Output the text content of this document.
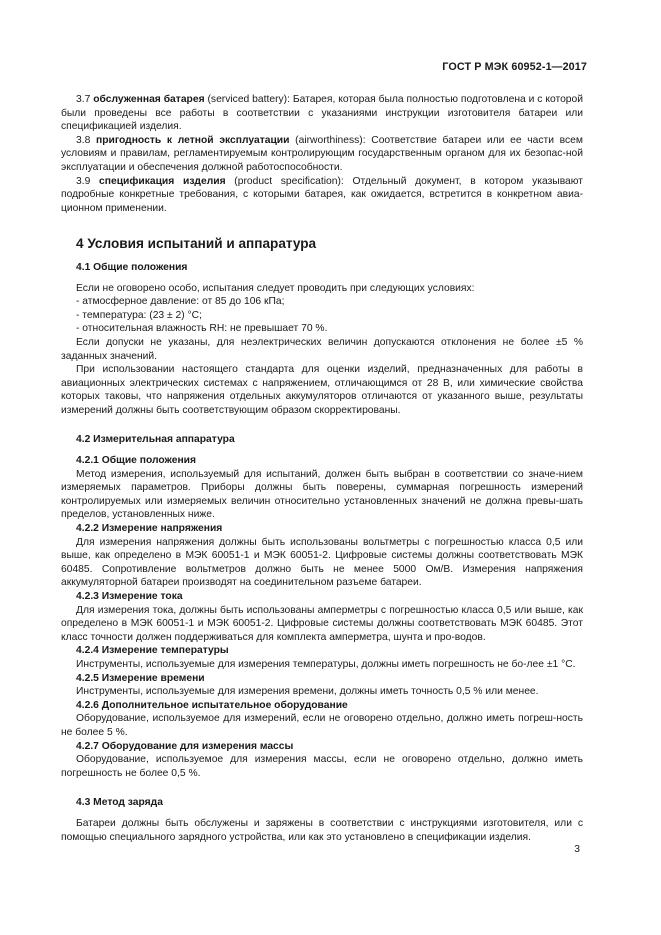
ГОСТ Р МЭК 60952-1—2017

3.7 обслуженная батарея (serviced battery): Батарея, которая была полностью подготовлена и с которой были проведены все работы в соответствии с указаниями инструкции изготовителя батареи или спецификацией изделия.

3.8 пригодность к летной эксплуатации (airworthiness): Соответствие батареи или ее части всем условиям и правилам, регламентируемым контролирующим государственным органом для их безопас-ной эксплуатации и обеспечения должной работоспособности.

3.9 спецификация изделия (product specification): Отдельный документ, в котором указывают подробные конкретные требования, с которыми батарея, как ожидается, встретится в конкретном авиа-ционном применении.

4 Условия испытаний и аппаратура
4.1 Общие положения

Если не оговорено особо, испытания следует проводить при следующих условиях:

- атмосферное давление: от 85 до 106 кПа;

- температура: (23 ± 2) °С;

- относительная влажность RH: не превышает 70 %.

Если допуски не указаны, для неэлектрических величин допускаются отклонения не более ±5 % заданных значений.

При использовании настоящего стандарта для оценки изделий, предназначенных для работы в авиационных электрических системах с напряжением, отличающимся от 28 В, или химические свойства которых таковы, что напряжения отдельных аккумуляторов отличаются от указанного выше, результаты измерений должны быть соответствующим образом скорректированы.

4.2 Измерительная аппаратура
4.2.1 Общие положения

Метод измерения, используемый для испытаний, должен быть выбран в соответствии со значе-нием измеряемых параметров. Приборы должны быть поверены, суммарная погрешность измерений контролируемых или измеряемых величин относительно установленных значений не должна превы-шать пределов, установленных ниже.

4.2.2 Измерение напряжения

Для измерения напряжения должны быть использованы вольтметры с погрешностью класса 0,5 или выше, как определено в МЭК 60051-1 и МЭК 60051-2. Цифровые системы должны соответствовать МЭК 60485. Сопротивление вольтметров должно быть не менее 5000 Ом/В. Измерения напряжения аккумуляторной батареи производят на соединительном разъеме батареи.

4.2.3 Измерение тока

Для измерения тока, должны быть использованы амперметры с погрешностью класса 0,5 или выше, как определено в МЭК 60051-1 и МЭК 60051-2. Цифровые системы должны соответствовать МЭК 60485. Этот класс точности должен поддерживаться для комплекта амперметра, шунта и про-водов.

4.2.4 Измерение температуры

Инструменты, используемые для измерения температуры, должны иметь погрешность не бо-лее ±1 °С.

4.2.5 Измерение времени

Инструменты, используемые для измерения времени, должны иметь точность 0,5 % или менее.

4.2.6 Дополнительное испытательное оборудование

Оборудование, используемое для измерений, если не оговорено отдельно, должно иметь погреш-ность не более 5 %.

4.2.7 Оборудование для измерения массы

Оборудование, используемое для измерения массы, если не оговорено отдельно, должно иметь погрешность не более 0,5 %.

4.3 Метод заряда

Батареи должны быть обслужены и заряжены в соответствии с инструкциями изготовителя, или с помощью специального зарядного устройства, или как это установлено в спецификации изделия.

3
